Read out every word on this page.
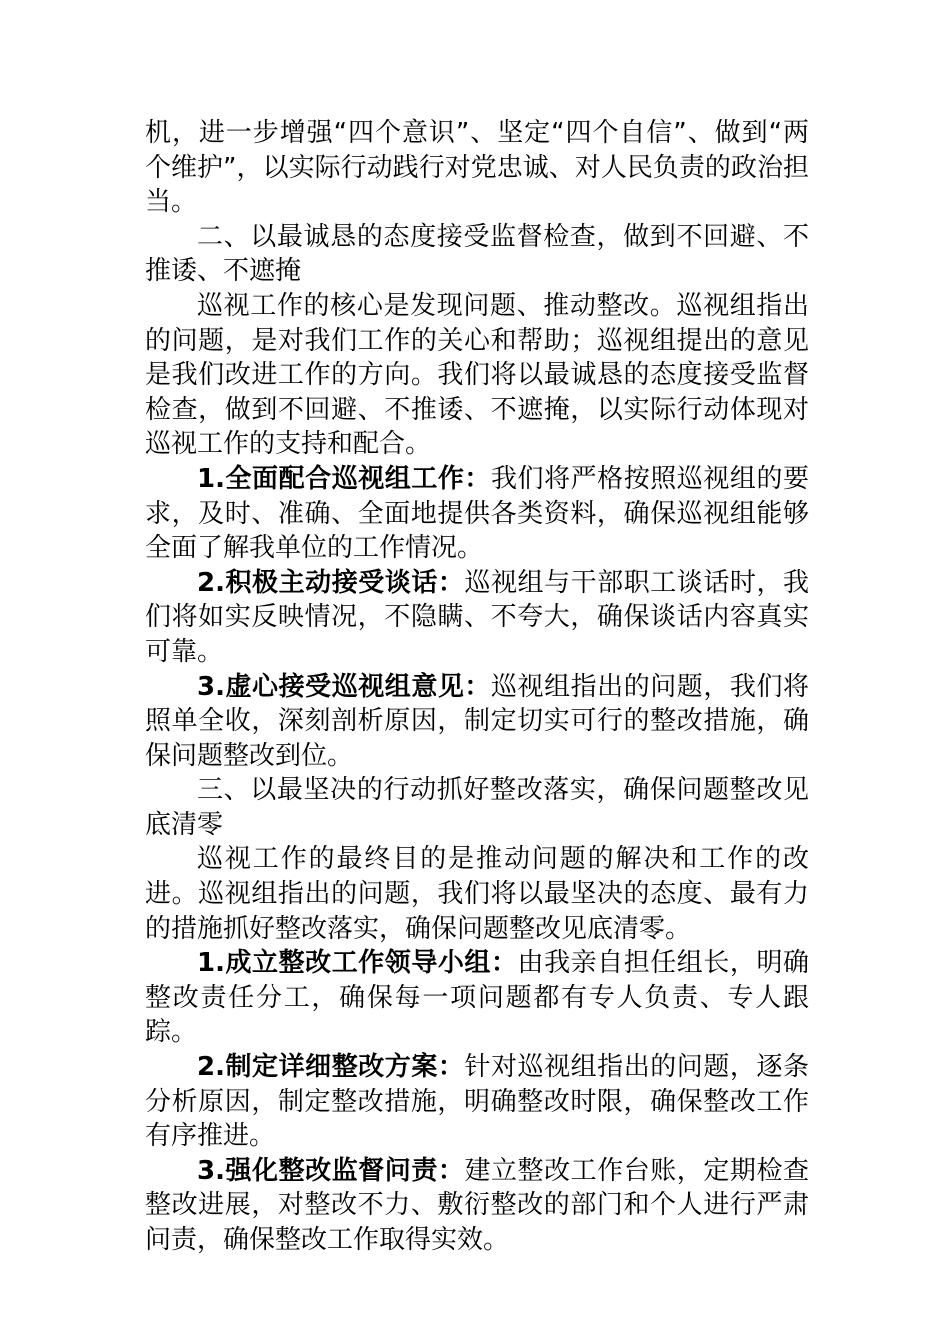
机，进一步增强“四个意识”、坚定“四个自信”、做到“两个维护”，以实际行动践行对党忠诚、对人民负责的政治担当。

二、以最诚恳的态度接受监督检查，做到不回避、不推诿、不遮掩

巡视工作的核心是发现问题、推动整改。巡视组指出的问题，是对我们工作的关心和帮助；巡视组提出的意见是我们改进工作的方向。我们将以最诚恳的态度接受监督检查，做到不回避、不推诿、不遮掩，以实际行动体现对巡视工作的支持和配合。

1.全面配合巡视组工作：我们将严格按照巡视组的要求，及时、准确、全面地提供各类资料，确保巡视组能够全面了解我单位的工作情况。

2.积极主动接受谈话：巡视组与干部职工谈话时，我们将如实反映情况，不隐瞒、不夸大，确保谈话内容真实可靠。

3.虚心接受巡视组意见：巡视组指出的问题，我们将照单全收，深刻剖析原因，制定切实可行的整改措施，确保问题整改到位。

三、以最坚决的行动抓好整改落实，确保问题整改见底清零

巡视工作的最终目的是推动问题的解决和工作的改进。巡视组指出的问题，我们将以最坚决的态度、最有力的措施抓好整改落实，确保问题整改见底清零。

1.成立整改工作领导小组：由我亲自担任组长，明确整改责任分工，确保每一项问题都有专人负责、专人跟踪。

2.制定详细整改方案：针对巡视组指出的问题，逐条分析原因，制定整改措施，明确整改时限，确保整改工作有序推进。

3.强化整改监督问责：建立整改工作台账，定期检查整改进展，对整改不力、敷衍整改的部门和个人进行严肃问责，确保整改工作取得实效。
